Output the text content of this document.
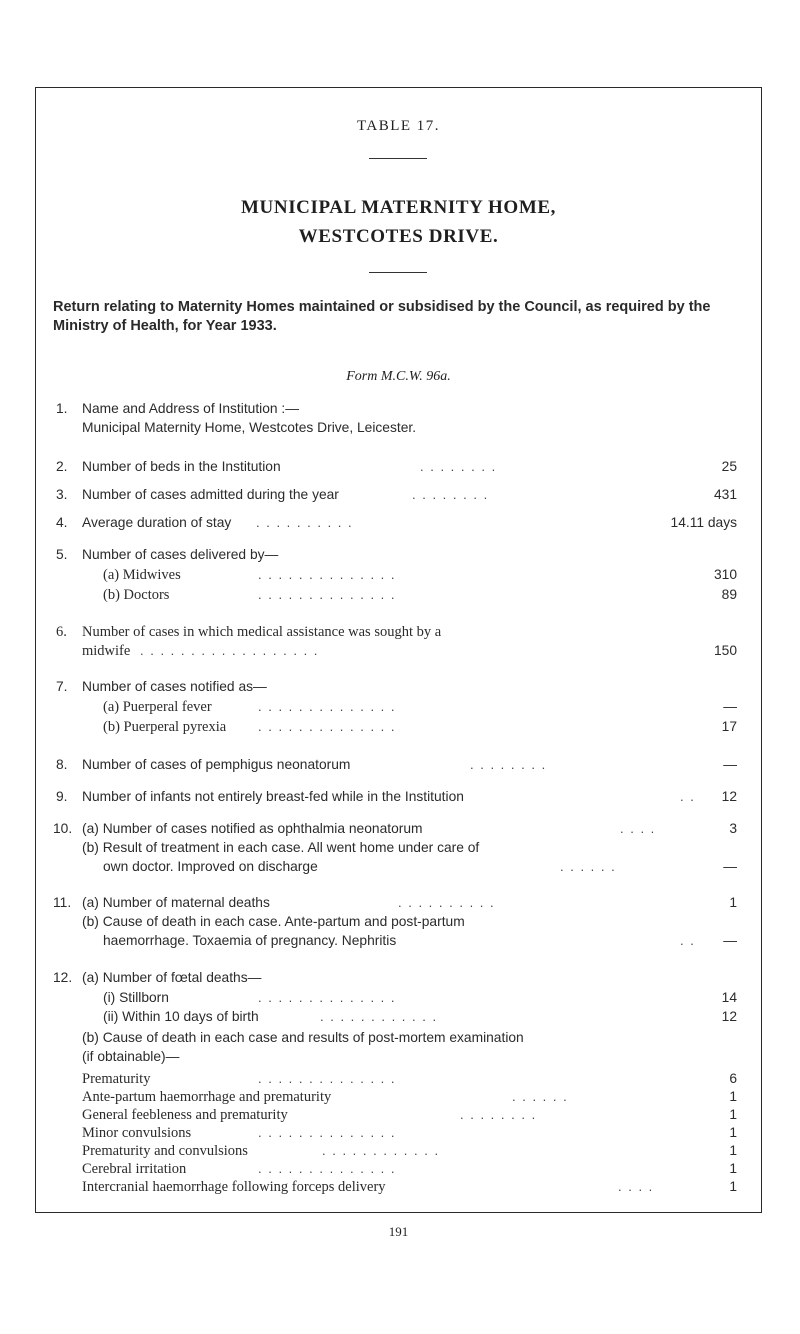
TABLE 17.
MUNICIPAL MATERNITY HOME,
WESTCOTES DRIVE.
Return relating to Maternity Homes maintained or subsidised by the Council, as required by the Ministry of Health, for Year 1933.
Form M.C.W. 96a.
1. Name and Address of Institution :—
Municipal Maternity Home, Westcotes Drive, Leicester.
2. Number of beds in the Institution	. . . . . . . .	25
3. Number of cases admitted during the year	. . . . . . . .	431
4. Average duration of stay . . . . . . . . . .	14.11 days
5. Number of cases delivered by—
(a) Midwives	. . . . . . . . . . . . . .	310
(b) Doctors	. . . . . . . . . . . . . .	89
6. Number of cases in which medical assistance was sought by a
midwife . . . . . . . . . . . . . . . . . .	150
7. Number of cases notified as—
(a) Puerperal fever	. . . . . . . . . . . . . .	—
(b) Puerperal pyrexia . . . . . . . . . . . . . .	17
8. Number of cases of pemphigus neonatorum	. . . . . . . .	—
9. Number of infants not entirely breast-fed while in the Institution	. . 12
10. (a) Number of cases notified as ophthalmia neonatorum	. . . .	3
(b) Result of treatment in each case. All went home under care of
own doctor. Improved on discharge	. . . . . .	—
11. (a) Number of maternal deaths	. . . . . . . . . .	1
(b) Cause of death in each case. Ante-partum and post-partum
haemorrhage. Toxaemia of pregnancy. Nephritis	. . —
12. (a) Number of fœtal deaths—
(i) Stillborn	. . . . . . . . . . . . . .	14
(ii) Within 10 days of birth	. . . . . . . . . . . .	12
(b) Cause of death in each case and results of post-mortem examination
(if obtainable)—
Prematurity	. . . . . . . . . . . . . .	6
Ante-partum haemorrhage and prematurity	. . . . . .	1
General feebleness and prematurity	. . . . . . . .	1
Minor convulsions	. . . . . . . . . . . . . .	1
Prematurity and convulsions	. . . . . . . . . . . .	1
Cerebral irritation	. . . . . . . . . . . . . .	1
Intercranial haemorrhage following forceps delivery	. . . .	1
191
